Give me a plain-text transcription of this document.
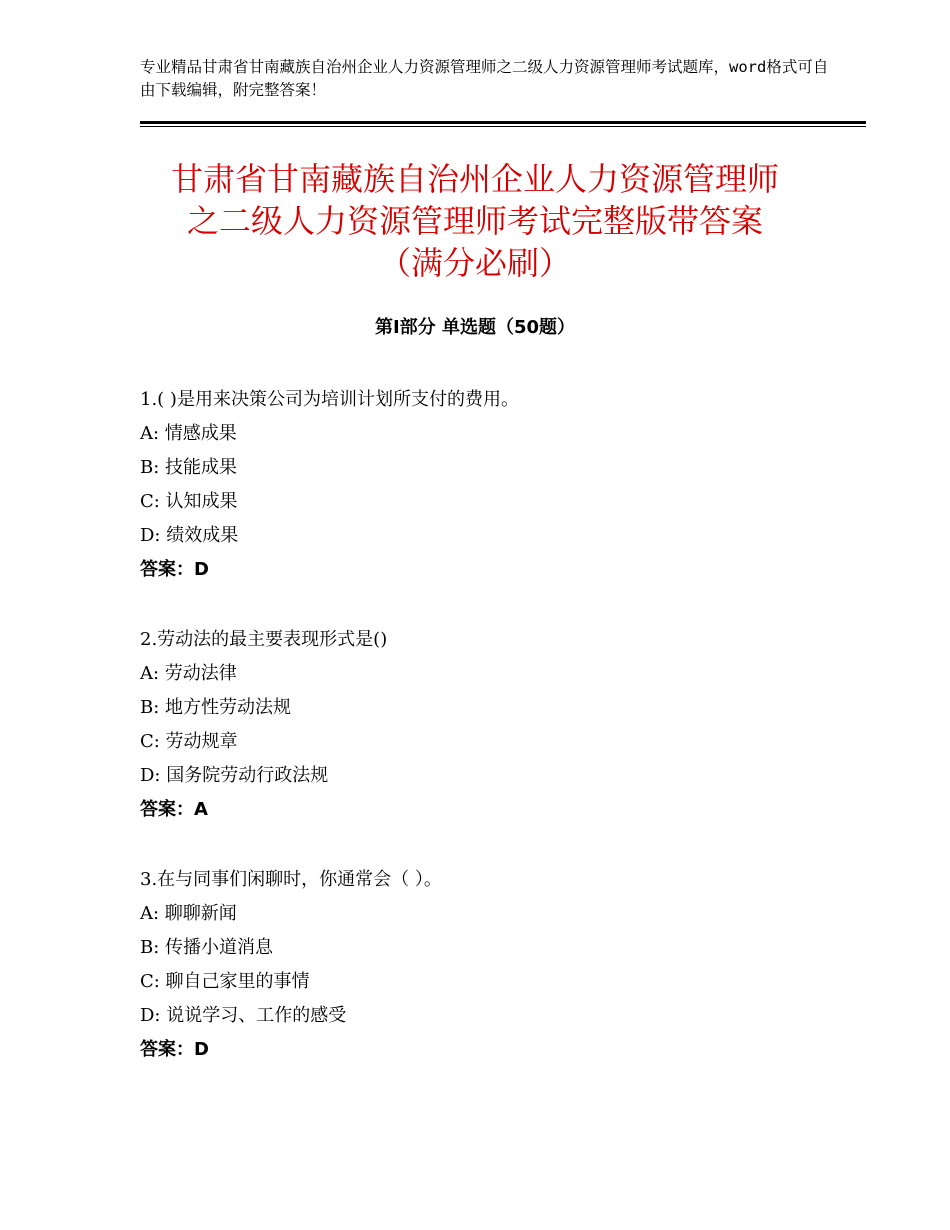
专业精品甘肃省甘南藏族自治州企业人力资源管理师之二级人力资源管理师考试题库，word格式可自由下载编辑，附完整答案！
甘肃省甘南藏族自治州企业人力资源管理师
之二级人力资源管理师考试完整版带答案
（满分必刷）
第Ⅰ部分 单选题（50题）
1.( )是用来决策公司为培训计划所支付的费用。
A: 情感成果
B: 技能成果
C: 认知成果
D: 绩效成果
答案：D
2.劳动法的最主要表现形式是()
A: 劳动法律
B: 地方性劳动法规
C: 劳动规章
D: 国务院劳动行政法规
答案：A
3.在与同事们闲聊时，你通常会（ ）。
A: 聊聊新闻
B: 传播小道消息
C: 聊自己家里的事情
D: 说说学习、工作的感受
答案：D
